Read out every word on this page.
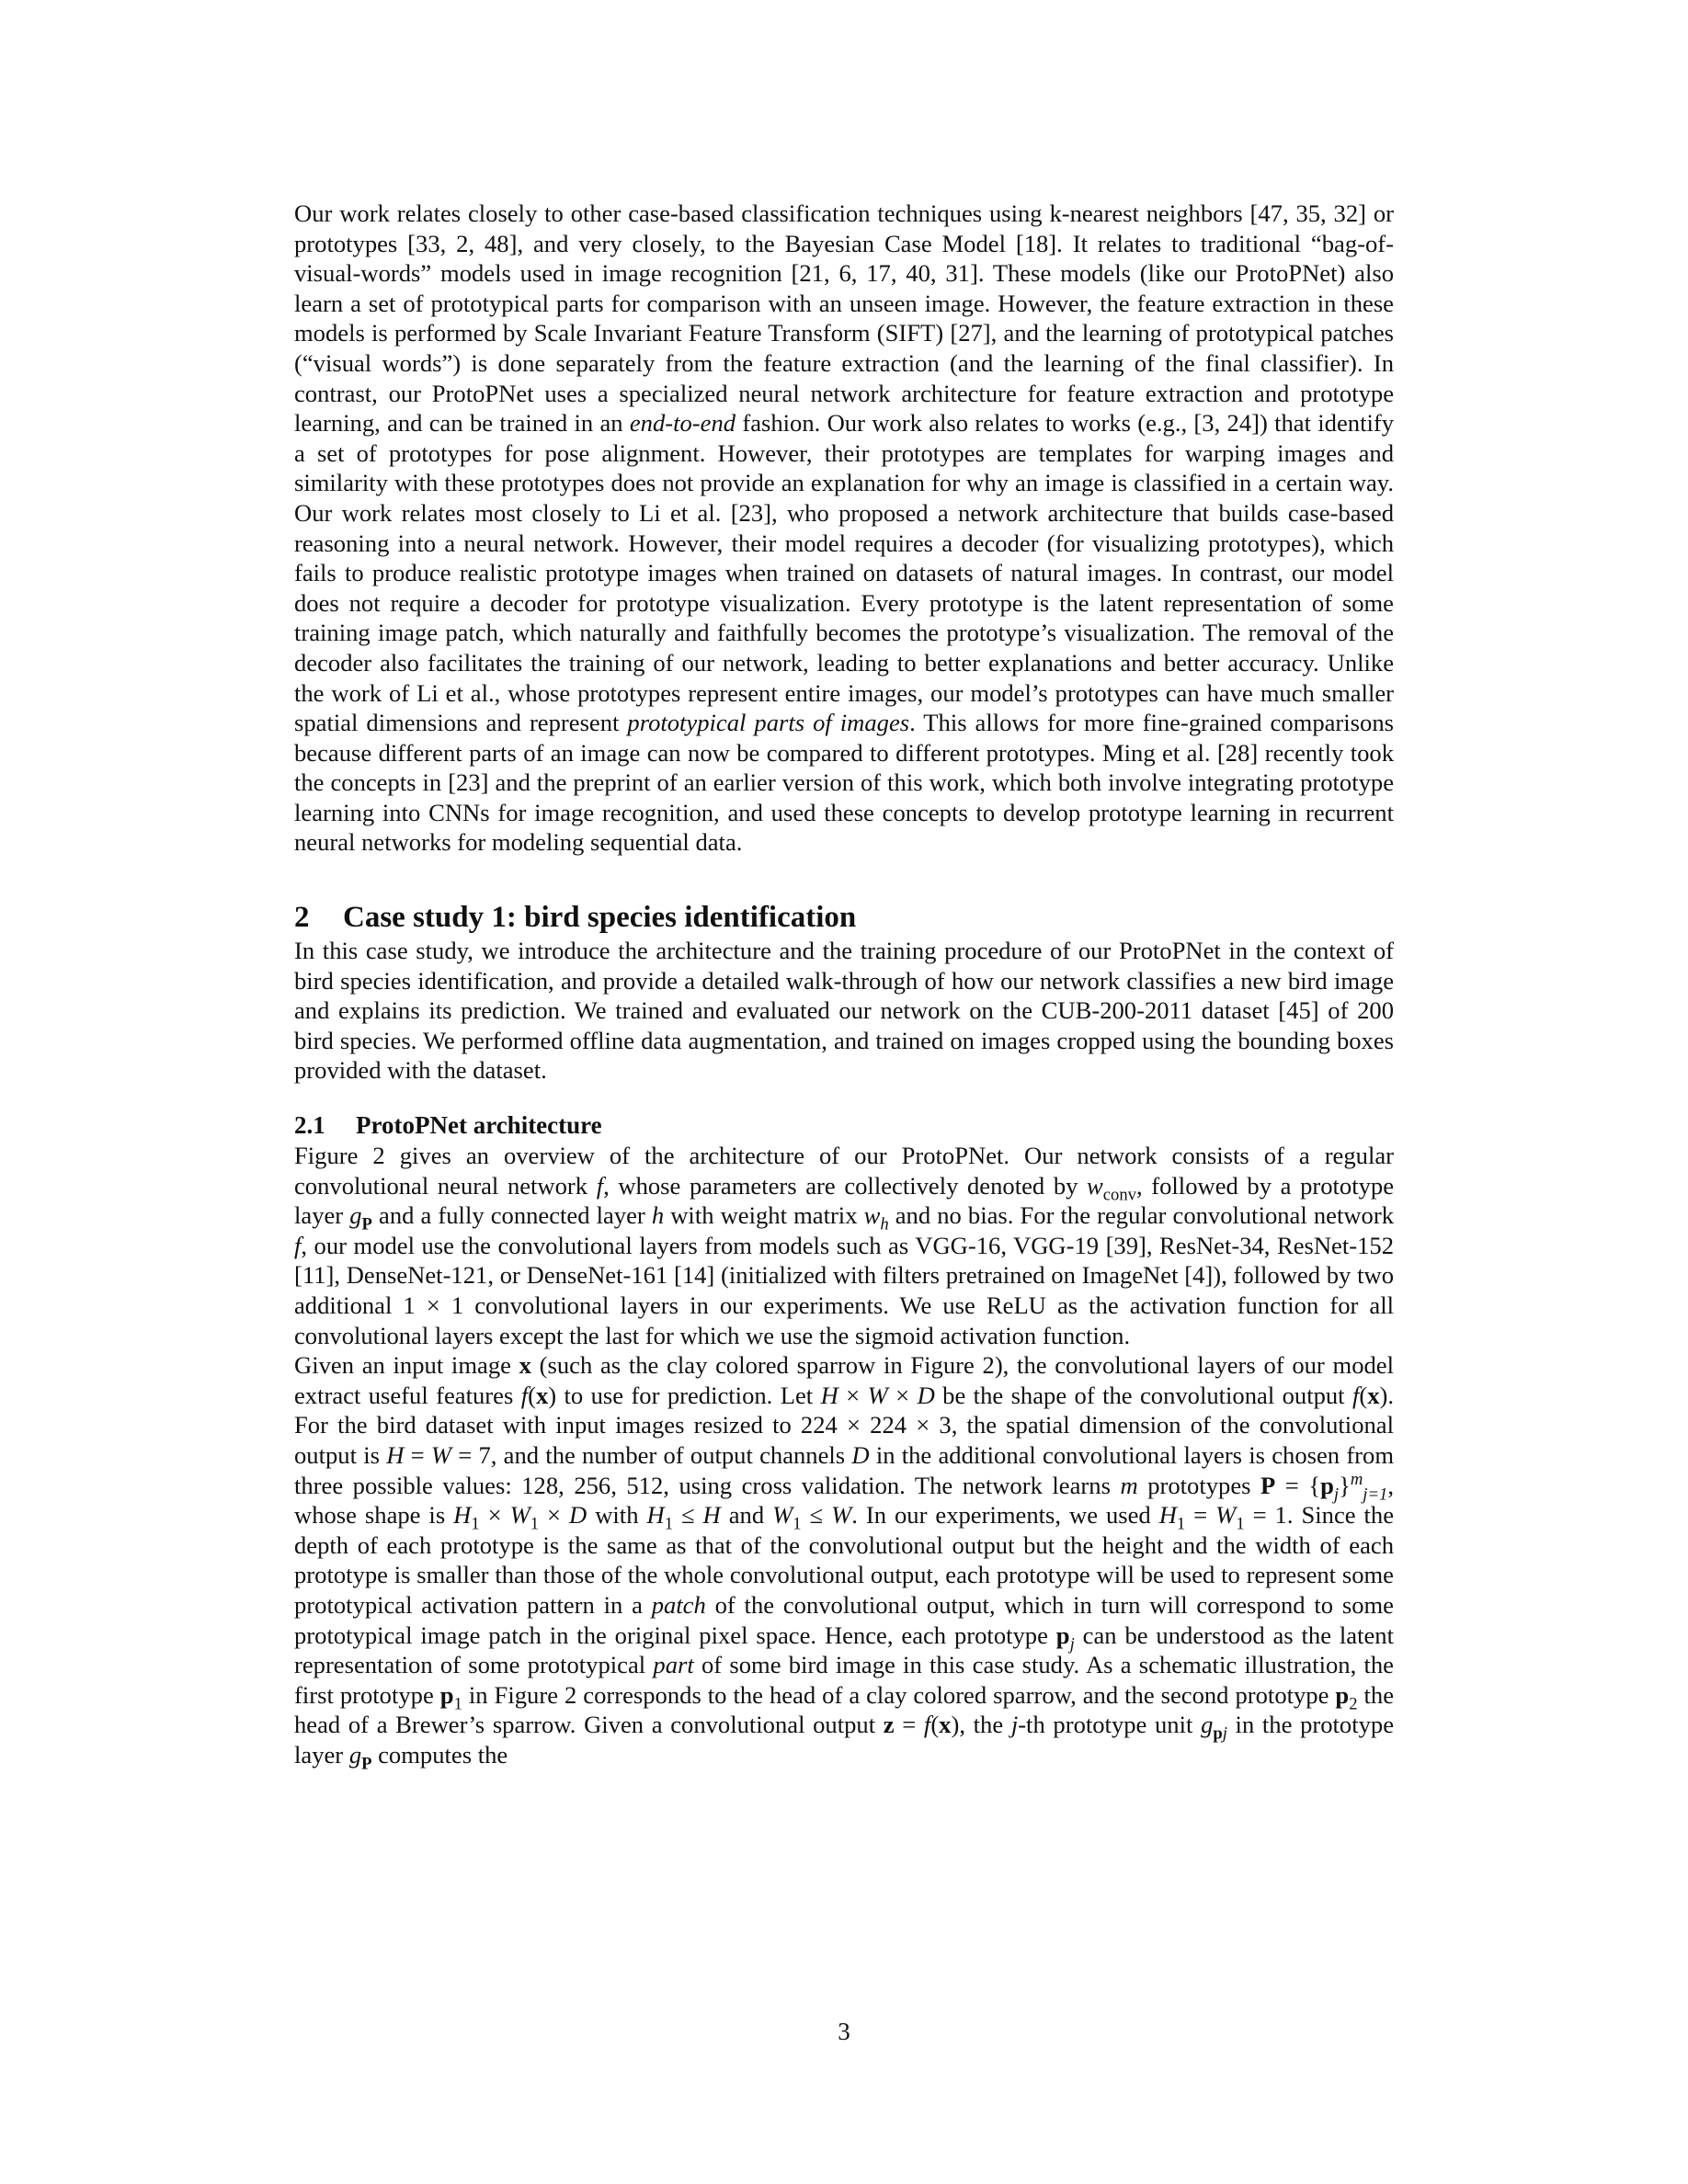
Our work relates closely to other case-based classification techniques using k-nearest neighbors [47, 35, 32] or prototypes [33, 2, 48], and very closely, to the Bayesian Case Model [18]. It relates to traditional “bag-of-visual-words” models used in image recognition [21, 6, 17, 40, 31]. These models (like our ProtoPNet) also learn a set of prototypical parts for comparison with an unseen image. However, the feature extraction in these models is performed by Scale Invariant Feature Transform (SIFT) [27], and the learning of prototypical patches (“visual words”) is done separately from the feature extraction (and the learning of the final classifier). In contrast, our ProtoPNet uses a specialized neural network architecture for feature extraction and prototype learning, and can be trained in an end-to-end fashion. Our work also relates to works (e.g., [3, 24]) that identify a set of prototypes for pose alignment. However, their prototypes are templates for warping images and similarity with these prototypes does not provide an explanation for why an image is classified in a certain way. Our work relates most closely to Li et al. [23], who proposed a network architecture that builds case-based reasoning into a neural network. However, their model requires a decoder (for visualizing prototypes), which fails to produce realistic prototype images when trained on datasets of natural images. In contrast, our model does not require a decoder for prototype visualization. Every prototype is the latent representation of some training image patch, which naturally and faithfully becomes the prototype’s visualization. The removal of the decoder also facilitates the training of our network, leading to better explanations and better accuracy. Unlike the work of Li et al., whose prototypes represent entire images, our model’s prototypes can have much smaller spatial dimensions and represent prototypical parts of images. This allows for more fine-grained comparisons because different parts of an image can now be compared to different prototypes. Ming et al. [28] recently took the concepts in [23] and the preprint of an earlier version of this work, which both involve integrating prototype learning into CNNs for image recognition, and used these concepts to develop prototype learning in recurrent neural networks for modeling sequential data.

2	Case study 1: bird species identification

In this case study, we introduce the architecture and the training procedure of our ProtoPNet in the context of bird species identification, and provide a detailed walk-through of how our network classifies a new bird image and explains its prediction. We trained and evaluated our network on the CUB-200-2011 dataset [45] of 200 bird species. We performed offline data augmentation, and trained on images cropped using the bounding boxes provided with the dataset.

2.1	ProtoPNet architecture

Figure 2 gives an overview of the architecture of our ProtoPNet. Our network consists of a regular convolutional neural network f, whose parameters are collectively denoted by $w_{conv}$, followed by a prototype layer $g_P$ and a fully connected layer h with weight matrix $w_h$ and no bias. For the regular convolutional network f, our model use the convolutional layers from models such as VGG-16, VGG-19 [39], ResNet-34, ResNet-152 [11], DenseNet-121, or DenseNet-161 [14] (initialized with filters pretrained on ImageNet [4]), followed by two additional 1 × 1 convolutional layers in our experiments. We use ReLU as the activation function for all convolutional layers except the last for which we use the sigmoid activation function.

Given an input image x (such as the clay colored sparrow in Figure 2), the convolutional layers of our model extract useful features f(x) to use for prediction. Let H × W × D be the shape of the convolutional output f(x). For the bird dataset with input images resized to 224 × 224 × 3, the spatial dimension of the convolutional output is H = W = 7, and the number of output channels D in the additional convolutional layers is chosen from three possible values: 128, 256, 512, using cross validation. The network learns m prototypes $P = \{p_j\}^m_{j=1}$, whose shape is $H_1 \times W_1 \times D$ with $H_1 \le H$ and $W_1 \le W$. In our experiments, we used $H_1 = W_1 = 1$. Since the depth of each prototype is the same as that of the convolutional output but the height and the width of each prototype is smaller than those of the whole convolutional output, each prototype will be used to represent some prototypical activation pattern in a patch of the convolutional output, which in turn will correspond to some prototypical image patch in the original pixel space. Hence, each prototype $p_j$ can be understood as the latent representation of some prototypical part of some bird image in this case study. As a schematic illustration, the first prototype $p_1$ in Figure 2 corresponds to the head of a clay colored sparrow, and the second prototype $p_2$ the head of a Brewer’s sparrow. Given a convolutional output z = f(x), the j-th prototype unit $g_{pj}$ in the prototype layer $g_P$ computes the

3
